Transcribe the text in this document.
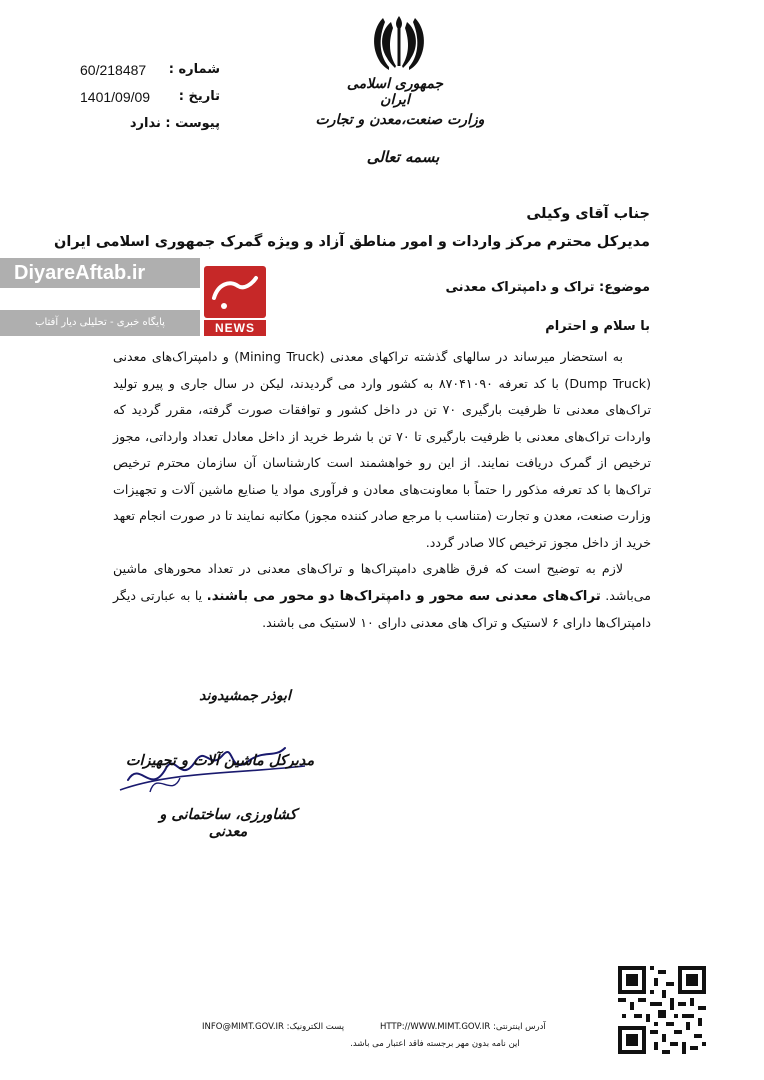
شماره :
60/218487
تاریخ :
1401/09/09
پیوست : ندارد
جمهوری اسلامی ایران
وزارت صنعت،معدن و تجارت
بسمه تعالی
جناب آقای وکیلی
مدیرکل محترم مرکز واردات و امور مناطق آزاد و ویژه گمرک جمهوری اسلامی ایران
DiyareAftab.ir
پایگاه خبری - تحلیلی دیار آفتاب	NEWS
موضوع: تراک و دامپتراک معدنی
با سلام و احترام

به استحضار میرساند در سالهای گذشته تراکهای معدنی (Mining Truck) و دامپتراک‌های معدنی (Dump Truck) با کد تعرفه ۸۷۰۴۱۰۹۰ به کشور وارد می گردیدند، لیکن در سال جاری و پیرو تولید تراک‌های معدنی تا ظرفیت بارگیری ۷۰ تن در داخل کشور و توافقات صورت گرفته، مقرر گردید که واردات تراک‌های معدنی با ظرفیت بارگیری تا ۷۰ تن با شرط خرید از داخل معادل تعداد وارداتی، مجوز ترخیص از گمرک دریافت نمایند. از این رو خواهشمند است کارشناسان آن سازمان محترم ترخیص تراک‌ها با کد تعرفه مذکور را حتماً با معاونت‌های معادن و فرآوری مواد یا صنایع ماشین آلات و تجهیزات وزارت صنعت، معدن و تجارت (متناسب با مرجع صادر کننده مجوز) مکاتبه نمایند تا در صورت انجام تعهد خرید از داخل مجوز ترخیص کالا صادر گردد.

لازم به توضیح است که فرق ظاهری دامپتراک‌ها و تراک‌های معدنی در تعداد محورهای ماشین می‌باشد. تراک‌های معدنی سه محور و دامپتراک‌ها دو محور می باشند. یا به عبارتی دیگر دامپتراک‌ها دارای ۶ لاستیک و تراک های معدنی دارای ۱۰ لاستیک می باشند.

ابوذر جمشیدوند
مدیرکل ماشین آلات و تجهیزات
کشاورزی، ساختمانی و معدنی
INFO@MIMT.GOV.IR :پست الکترونیک	HTTP://WWW.MIMT.GOV.IR :آدرس اینترنتی
این نامه بدون مهر برجسته فاقد اعتبار می باشد.
